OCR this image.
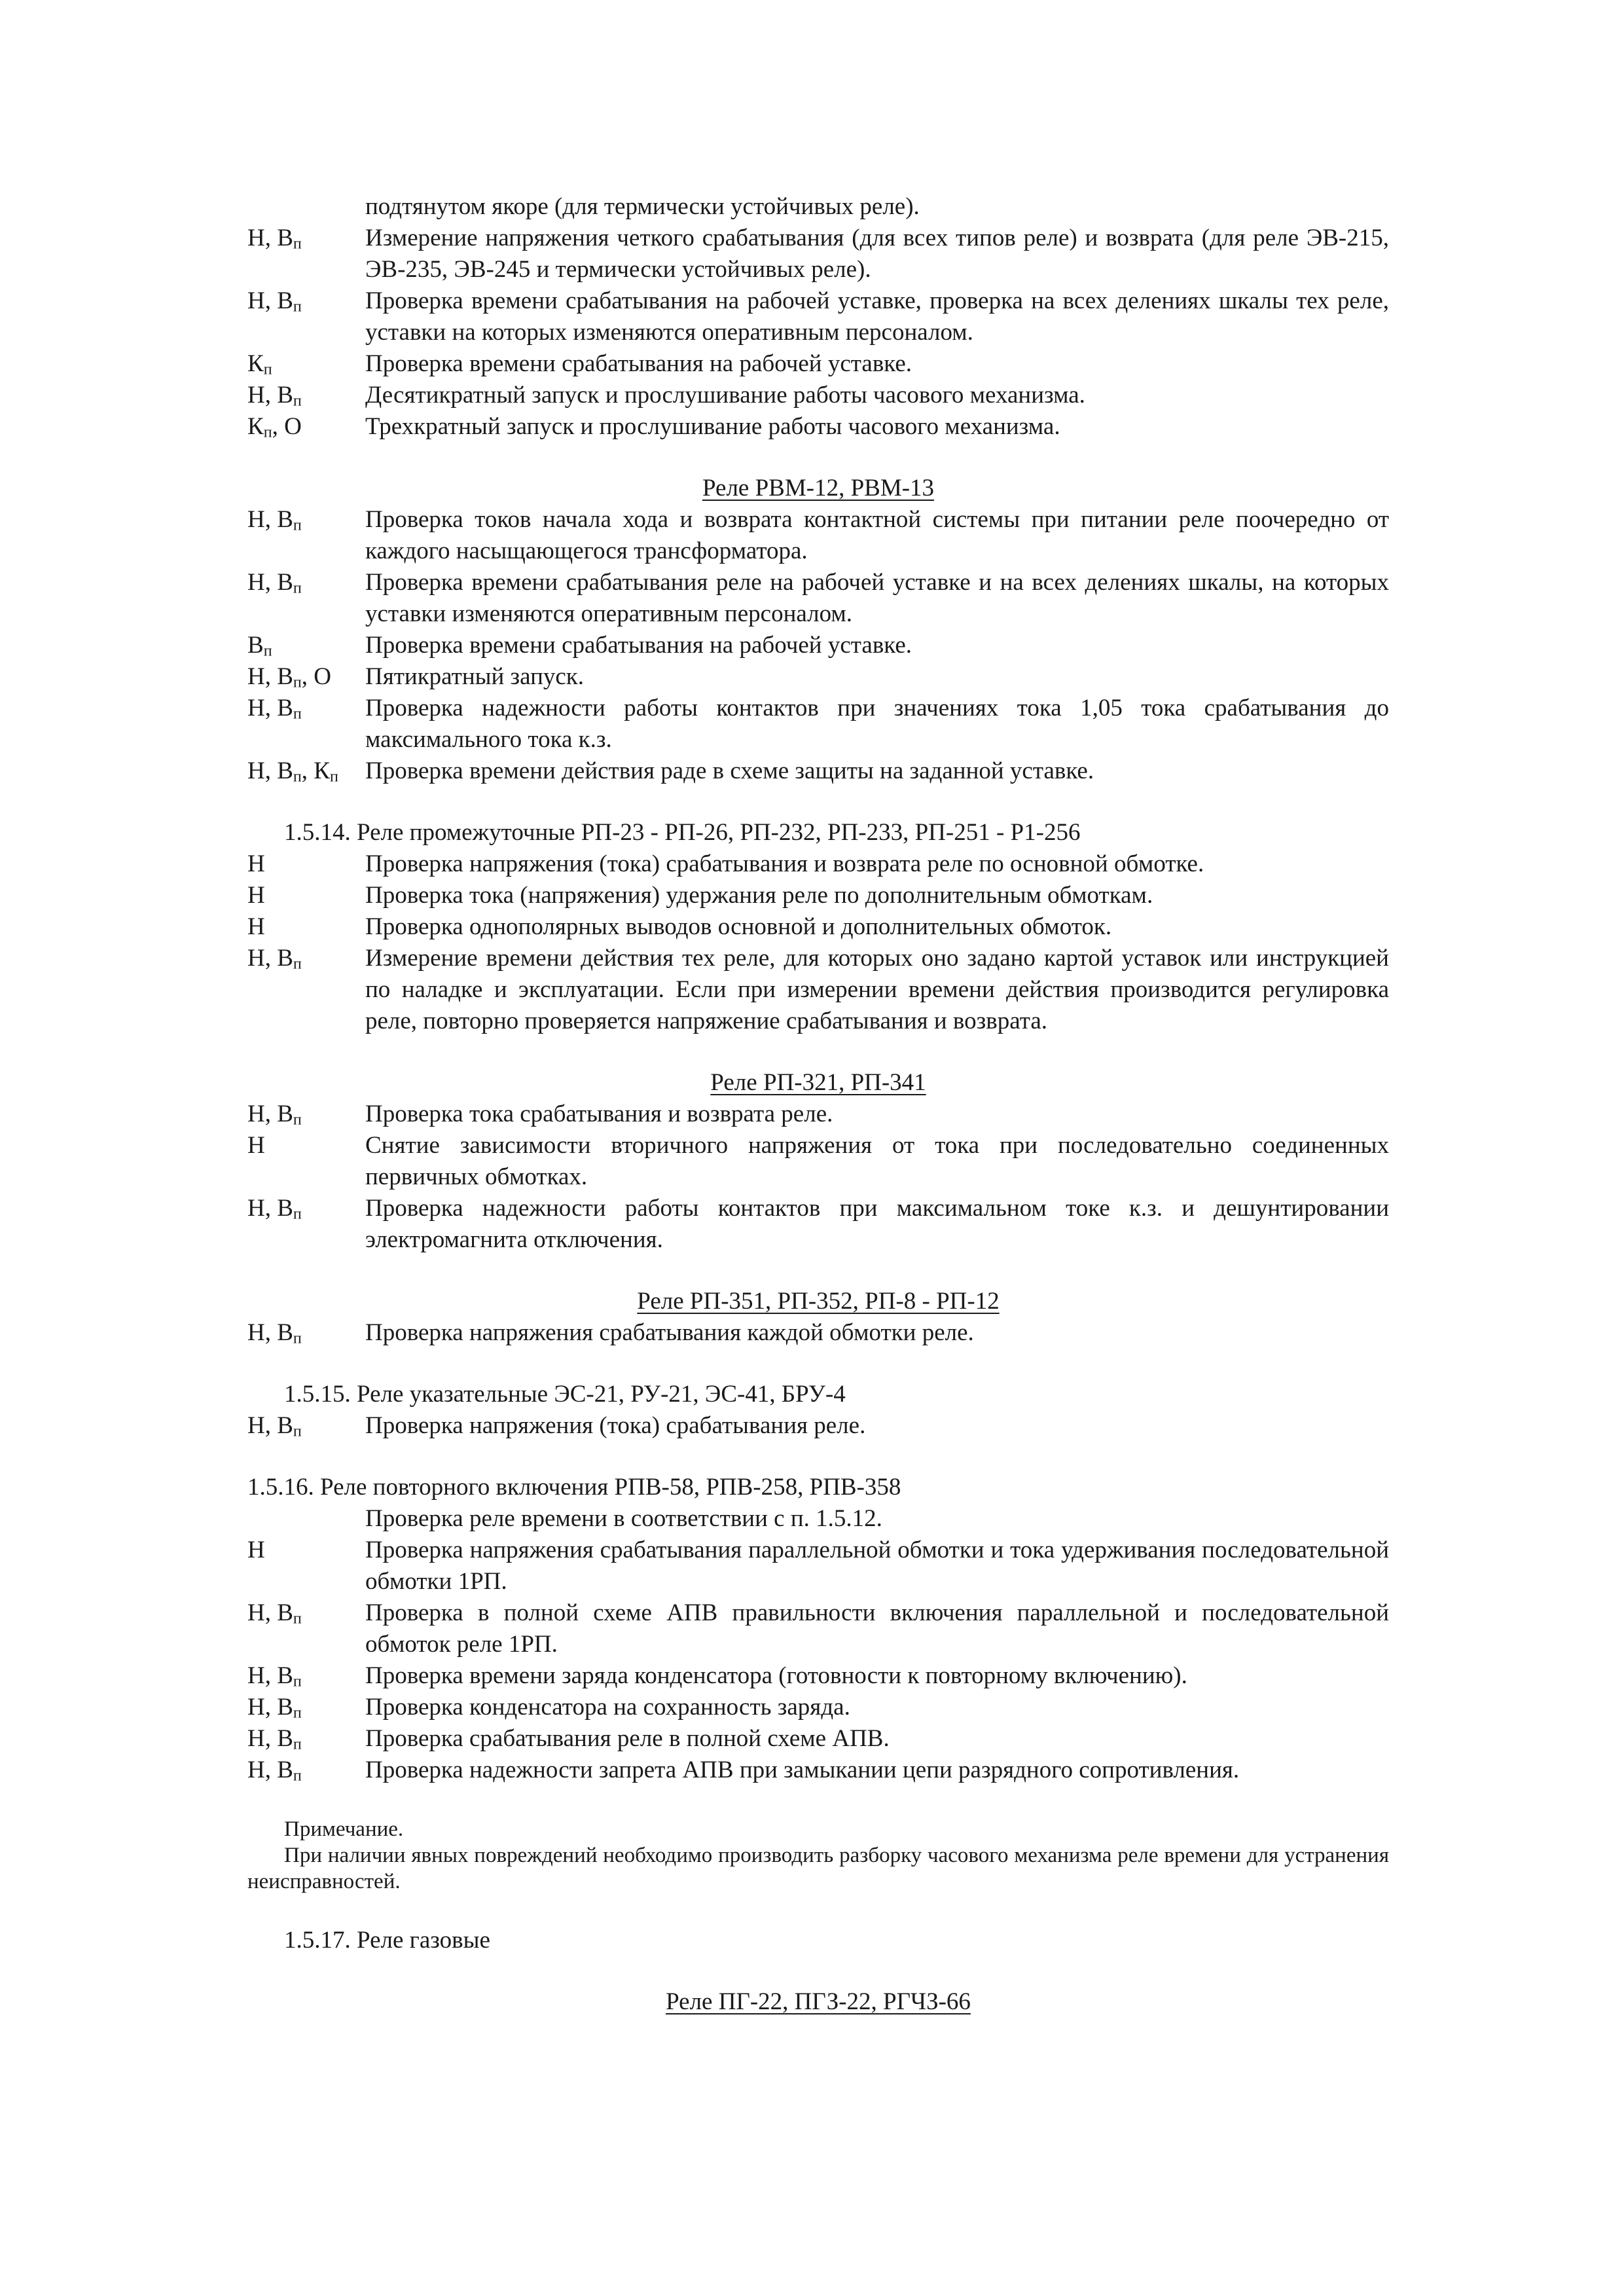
подтянутом якоре (для термически устойчивых реле).
Н, $В_п$	Измерение напряжения четкого срабатывания (для всех типов реле) и возврата (для реле ЭВ-215, ЭВ-235, ЭВ-245 и термически устойчивых реле).
Н, $В_п$	Проверка времени срабатывания на рабочей уставке, проверка на всех делениях шкалы тех реле, уставки на которых изменяются оперативным персоналом.
$К_п$	Проверка времени срабатывания на рабочей уставке.
Н, $В_п$	Десятикратный запуск и прослушивание работы часового механизма.
$К_п$, О	Трехкратный запуск и прослушивание работы часового механизма.
Реле РВМ-12, РВМ-13
Н, $В_п$	Проверка токов начала хода и возврата контактной системы при питании реле поочередно от каждого насыщающегося трансформатора.
Н, $В_п$	Проверка времени срабатывания реле на рабочей уставке и на всех делениях шкалы, на которых уставки изменяются оперативным персоналом.
$В_п$	Проверка времени срабатывания на рабочей уставке.
Н, $В_п$, О	Пятикратный запуск.
Н, $В_п$	Проверка надежности работы контактов при значениях тока 1,05 тока срабатывания до максимального тока к.з.
Н, $В_п$, $К_п$	Проверка времени действия раде в схеме защиты на заданной уставке.
1.5.14. Реле промежуточные РП-23 - РП-26, РП-232, РП-233, РП-251 - Р1-256
Н	Проверка напряжения (тока) срабатывания и возврата реле по основной обмотке.
Н	Проверка тока (напряжения) удержания реле по дополнительным обмоткам.
Н	Проверка однополярных выводов основной и дополнительных обмоток.
Н, $В_п$	Измерение времени действия тех реле, для которых оно задано картой уставок или инструкцией по наладке и эксплуатации. Если при измерении времени действия производится регулировка реле, повторно проверяется напряжение срабатывания и возврата.
Реле РП-321, РП-341
Н, $В_п$	Проверка тока срабатывания и возврата реле.
Н	Снятие зависимости вторичного напряжения от тока при последовательно соединенных первичных обмотках.
Н, $В_п$	Проверка надежности работы контактов при максимальном токе к.з. и дешунтировании электромагнита отключения.
Реле РП-351, РП-352, РП-8 - РП-12
Н, $В_п$	Проверка напряжения срабатывания каждой обмотки реле.
1.5.15. Реле указательные ЭС-21, РУ-21, ЭС-41, БРУ-4
Н, $В_п$	Проверка напряжения (тока) срабатывания реле.
1.5.16. Реле повторного включения РПВ-58, РПВ-258, РПВ-358
Проверка реле времени в соответствии с п. 1.5.12.
Н	Проверка напряжения срабатывания параллельной обмотки и тока удерживания последовательной обмотки 1РП.
Н, $В_п$	Проверка в полной схеме АПВ правильности включения параллельной и последовательной обмоток реле 1РП.
Н, $В_п$	Проверка времени заряда конденсатора (готовности к повторному включению).
Н, $В_п$	Проверка конденсатора на сохранность заряда.
Н, $В_п$	Проверка срабатывания реле в полной схеме АПВ.
Н, $В_п$	Проверка надежности запрета АПВ при замыкании цепи разрядного сопротивления.
Примечание.
При наличии явных повреждений необходимо производить разборку часового механизма реле времени для устранения неисправностей.
1.5.17. Реле газовые
Реле ПГ-22, ПГЗ-22, РГЧЗ-66
